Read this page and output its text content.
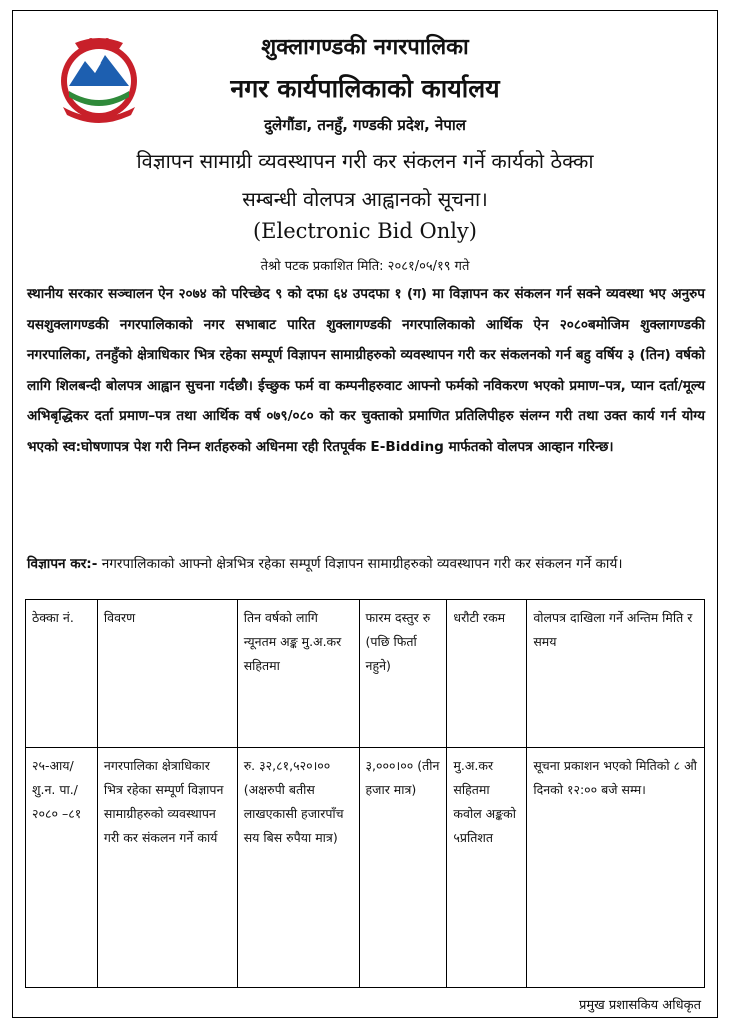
शुक्लागण्डकी नगरपालिका
नगर कार्यपालिकाको कार्यालय
दुलेगौंडा, तनहुँ, गण्डकी प्रदेश, नेपाल
विज्ञापन सामाग्री व्यवस्थापन गरी कर संकलन गर्ने कार्यको ठेक्का
सम्बन्धी वोलपत्र आह्वानको सूचना।
(Electronic Bid Only)
तेश्रो पटक प्रकाशित मिति: २०८१/०५/१९ गते
स्थानीय सरकार सञ्चालन ऐन २०७४ को परिच्छेद ९ को दफा ६४ उपदफा १ (ग) मा विज्ञापन कर संकलन गर्न सक्ने व्यवस्था भए अनुरुप यसशुक्लागण्डकी नगरपालिकाको नगर सभाबाट पारित शुक्लागण्डकी नगरपालिकाको आर्थिक ऐन २०८०बमोजिम शुक्लागण्डकी नगरपालिका, तनहुँको क्षेत्राधिकार भित्र रहेका सम्पूर्ण विज्ञापन सामाग्रीहरुको व्यवस्थापन गरी कर संकलनको गर्न बहु वर्षिय ३ (तिन) वर्षको लागि शिलबन्दी बोलपत्र आह्वान सुचना गर्दछौ। ईच्छुक फर्म वा कम्पनीहरुवाट आफ्नो फर्मको नविकरण भएको प्रमाण–पत्र, प्यान दर्ता/मूल्य अभिबृद्धिकर दर्ता प्रमाण–पत्र तथा आर्थिक वर्ष ०७९/०८० को कर चुक्ताको प्रमाणित प्रतिलिपीहरु संलग्न गरी तथा उक्त कार्य गर्न योग्य भएको स्व:घोषणापत्र पेश गरी निम्न शर्तहरुको अधिनमा रही रितपूर्वक E-Bidding मार्फतको वोलपत्र आव्हान गरिन्छ।
विज्ञापन कर:- नगरपालिकाको आफ्नो क्षेत्रभित्र रहेका सम्पूर्ण विज्ञापन सामाग्रीहरुको व्यवस्थापन गरी कर संकलन गर्ने कार्य।
ठेक्का नं.	विवरण	तिन वर्षको लागि न्यूनतम अङ्क मु.अ.कर सहितमा	फारम दस्तुर रु (पछि फिर्ता नहुने)	धरौटी रकम	वोलपत्र दाखिला गर्ने अन्तिम मिति र समय
२५-आय/ शु.न. पा./ २०८० –८१	नगरपालिका क्षेत्राधिकार भित्र रहेका सम्पूर्ण विज्ञापन सामाग्रीहरुको व्यवस्थापन गरी कर संकलन गर्ने कार्य	रु. ३२,८१,५२०।०० (अक्षरुपी बतीस लाखएकासी हजारपाँच सय बिस रुपैया मात्र)	३,०००।०० (तीन हजार मात्र)	मु.अ.कर सहितमा कवोल अङ्कको ५प्रतिशत	सूचना प्रकाशन भएको मितिको ८ औ दिनको १२:०० बजे सम्म।
प्रमुख प्रशासकिय अधिकृत
